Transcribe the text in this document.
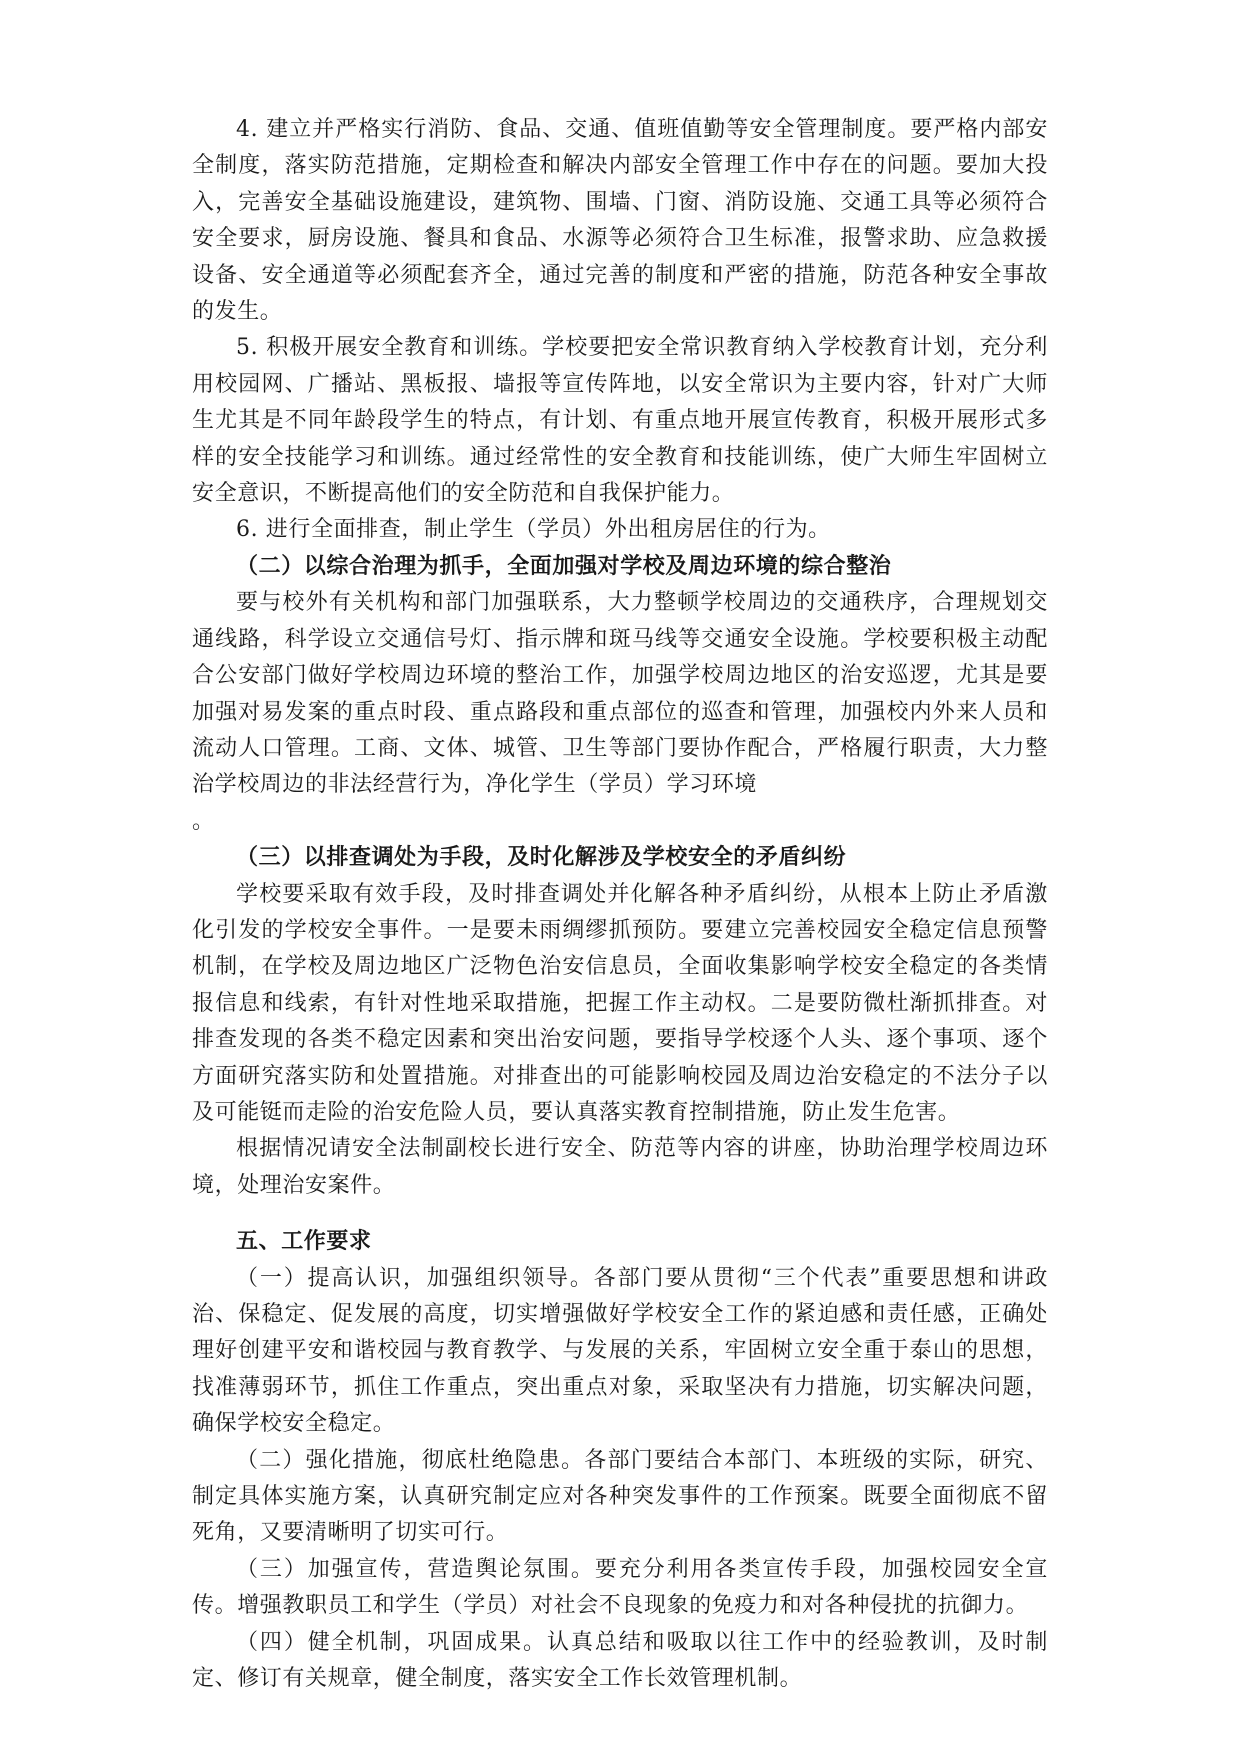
4. 建立并严格实行消防、食品、交通、值班值勤等安全管理制度。要严格内部安全制度，落实防范措施，定期检查和解决内部安全管理工作中存在的问题。要加大投入，完善安全基础设施建设，建筑物、围墙、门窗、消防设施、交通工具等必须符合安全要求，厨房设施、餐具和食品、水源等必须符合卫生标准，报警求助、应急救援设备、安全通道等必须配套齐全，通过完善的制度和严密的措施，防范各种安全事故的发生。

5. 积极开展安全教育和训练。学校要把安全常识教育纳入学校教育计划，充分利用校园网、广播站、黑板报、墙报等宣传阵地，以安全常识为主要内容，针对广大师生尤其是不同年龄段学生的特点，有计划、有重点地开展宣传教育，积极开展形式多样的安全技能学习和训练。通过经常性的安全教育和技能训练，使广大师生牢固树立安全意识，不断提高他们的安全防范和自我保护能力。

6. 进行全面排查，制止学生（学员）外出租房居住的行为。

（二）以综合治理为抓手，全面加强对学校及周边环境的综合整治

要与校外有关机构和部门加强联系，大力整顿学校周边的交通秩序，合理规划交通线路，科学设立交通信号灯、指示牌和斑马线等交通安全设施。学校要积极主动配合公安部门做好学校周边环境的整治工作，加强学校周边地区的治安巡逻，尤其是要加强对易发案的重点时段、重点路段和重点部位的巡查和管理，加强校内外来人员和流动人口管理。工商、文体、城管、卫生等部门要协作配合，严格履行职责，大力整治学校周边的非法经营行为，净化学生（学员）学习环境

。

（三）以排查调处为手段，及时化解涉及学校安全的矛盾纠纷

学校要采取有效手段，及时排查调处并化解各种矛盾纠纷，从根本上防止矛盾激化引发的学校安全事件。一是要未雨绸缪抓预防。要建立完善校园安全稳定信息预警机制，在学校及周边地区广泛物色治安信息员，全面收集影响学校安全稳定的各类情报信息和线索，有针对性地采取措施，把握工作主动权。二是要防微杜渐抓排查。对排查发现的各类不稳定因素和突出治安问题，要指导学校逐个人头、逐个事项、逐个方面研究落实防和处置措施。对排查出的可能影响校园及周边治安稳定的不法分子以及可能铤而走险的治安危险人员，要认真落实教育控制措施，防止发生危害。

根据情况请安全法制副校长进行安全、防范等内容的讲座，协助治理学校周边环境，处理治安案件。

五、工作要求

（一）提高认识，加强组织领导。各部门要从贯彻“三个代表”重要思想和讲政治、保稳定、促发展的高度，切实增强做好学校安全工作的紧迫感和责任感，正确处理好创建平安和谐校园与教育教学、与发展的关系，牢固树立安全重于泰山的思想，找准薄弱环节，抓住工作重点，突出重点对象，采取坚决有力措施，切实解决问题，确保学校安全稳定。

（二）强化措施，彻底杜绝隐患。各部门要结合本部门、本班级的实际，研究、制定具体实施方案，认真研究制定应对各种突发事件的工作预案。既要全面彻底不留死角，又要清晰明了切实可行。

（三）加强宣传，营造舆论氛围。要充分利用各类宣传手段，加强校园安全宣传。增强教职员工和学生（学员）对社会不良现象的免疫力和对各种侵扰的抗御力。

（四）健全机制，巩固成果。认真总结和吸取以往工作中的经验教训，及时制定、修订有关规章，健全制度，落实安全工作长效管理机制。
